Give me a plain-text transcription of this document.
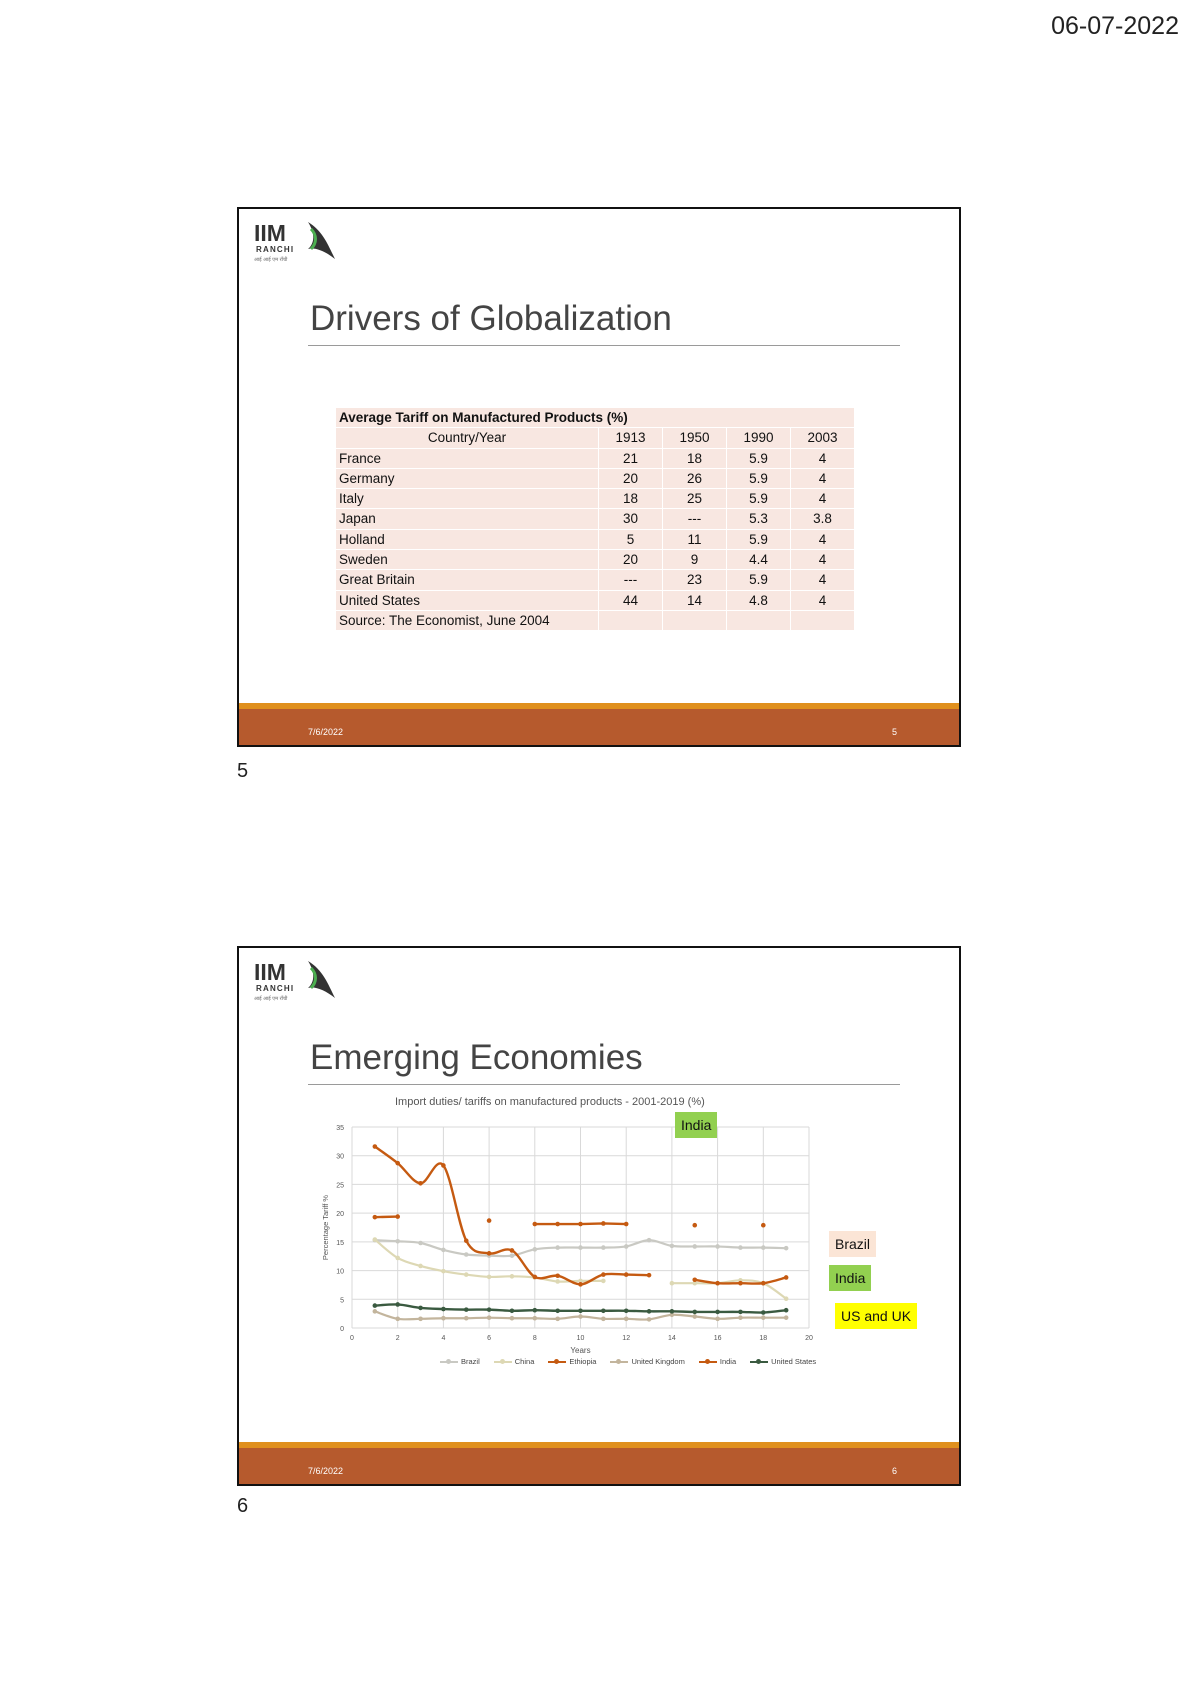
06-07-2022
IIM
RANCHI
आई आई एम राँची
Drivers of Globalization
Average Tariff on Manufactured Products (%)				
Country/Year	1913	1950	1990	2003
France	21	18	5.9	4
Germany	20	26	5.9	4
Italy	18	25	5.9	4
Japan	30	---	5.3	3.8
Holland	5	11	5.9	4
Sweden	20	9	4.4	4
Great Britain	---	23	5.9	4
United States	44	14	4.8	4
Source: The Economist, June 2004				
7/6/2022	5
5
IIM
RANCHI
आई आई एम राँची
Emerging Economies
Import duties/ tariffs on manufactured products - 2001-2019 (%)
0
5
10
15
20
25
30
35
0	2	4	6	8	10	12	14	16	18	20
Years
Percentage Tariff %
India
Brazil	China	Ethiopia	United Kingdom	India	United States
Brazil
India
US and UK
7/6/2022	6
6
